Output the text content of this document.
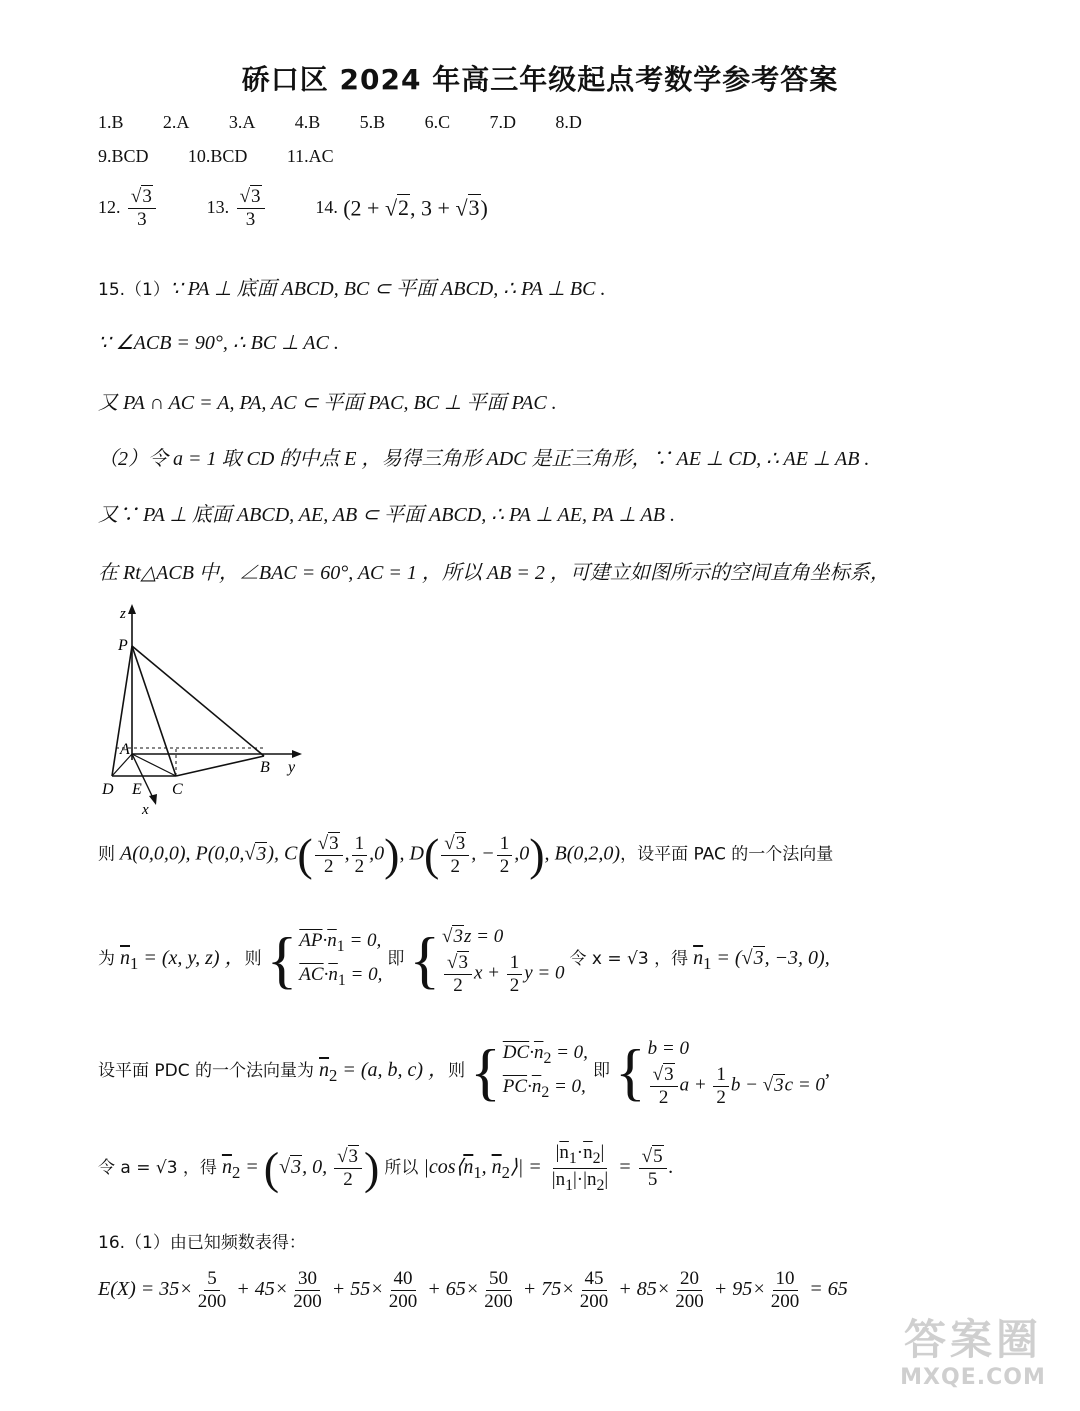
硚口区 2024 年高三年级起点考数学参考答案
1.B 2.A 3.A 4.B 5.B 6.C 7.D 8.D
9.BCD 10.BCD 11.AC
12. $\frac{√3}{3}$	13. $\frac{√3}{3}$	14. (2 + √2, 3 + √3)
15.（1）∵ PA ⊥ 底面 ABCD, BC ⊂ 平面 ABCD, ∴ PA ⊥ BC .
∵ ∠ACB = 90°, ∴ BC ⊥ AC .
又 PA ∩ AC = A, PA, AC ⊂ 平面 PAC, BC ⊥ 平面 PAC .
（2）令 a = 1 取 CD 的中点 E ，易得三角形 ADC 是正三角形，∵ AE ⊥ CD, ∴ AE ⊥ AB .
又∵ PA ⊥ 底面 ABCD, AE, AB ⊂ 平面 ABCD, ∴ PA ⊥ AE, PA ⊥ AB .
在 Rt△ACB 中，∠BAC = 60°, AC = 1 ，所以 AB = 2 ，可建立如图所示的空间直角坐标系，
z
P
A
B y
D E C
x
则 A(0,0,0), P(0,0,√3), $C( \frac{√3}{2}$ , $\frac{1}{2} ,0$), $D( \frac{√3}{2}$ , − $\frac{1}{2} ,0$), B(0,2,0)，设平面 PAC 的一个法向量
为 $\overline{n}_1 = (x$, y, z) ，则 { $\overline{AP}\cdot\overline{n}_1 = 0$,
$\overline{AC}\cdot\overline{n}_1 = 0$,
即 { √3z = 0
$\frac{√3}{2}$ $x + \frac{1}{2}$ y = 0
令 x = √3 ，得 $\overline{n}_1 = (√3$, −3, 0),
设平面 PDC 的一个法向量为 $\overline{n}_2 = (a$, b, c) ，则 { $\overline{DC}\cdot\overline{n}_2 = 0$,
$\overline{PC}\cdot\overline{n}_2 = 0$,
即 { b = 0
$\frac{√3}{2}$ $a + \frac{1}{2}$ b − √3c = 0
,
令 a = √3 ，得 $\overline{n}_2 = (√3$, 0, $\frac{√3}{2}$ ) 所以 $|\cos⟨\overline{n}_1$, $\overline{n}_2⟩| = \frac{|\overline{n}_1\cdot\overline{n}_2|}{|\overline{n}_1|\cdot|\overline{n}_2|} = \frac{√5}{5}$ .
16.（1）由已知频数表得：
$E(X) = 35\times \frac{5}{200} + 45\times \frac{30}{200} + 55\times \frac{40}{200} + 65\times \frac{50}{200} + 75\times \frac{45}{200} + 85\times \frac{20}{200} + 95\times \frac{10}{200} = 65$
答案圈
MXQE.COM
